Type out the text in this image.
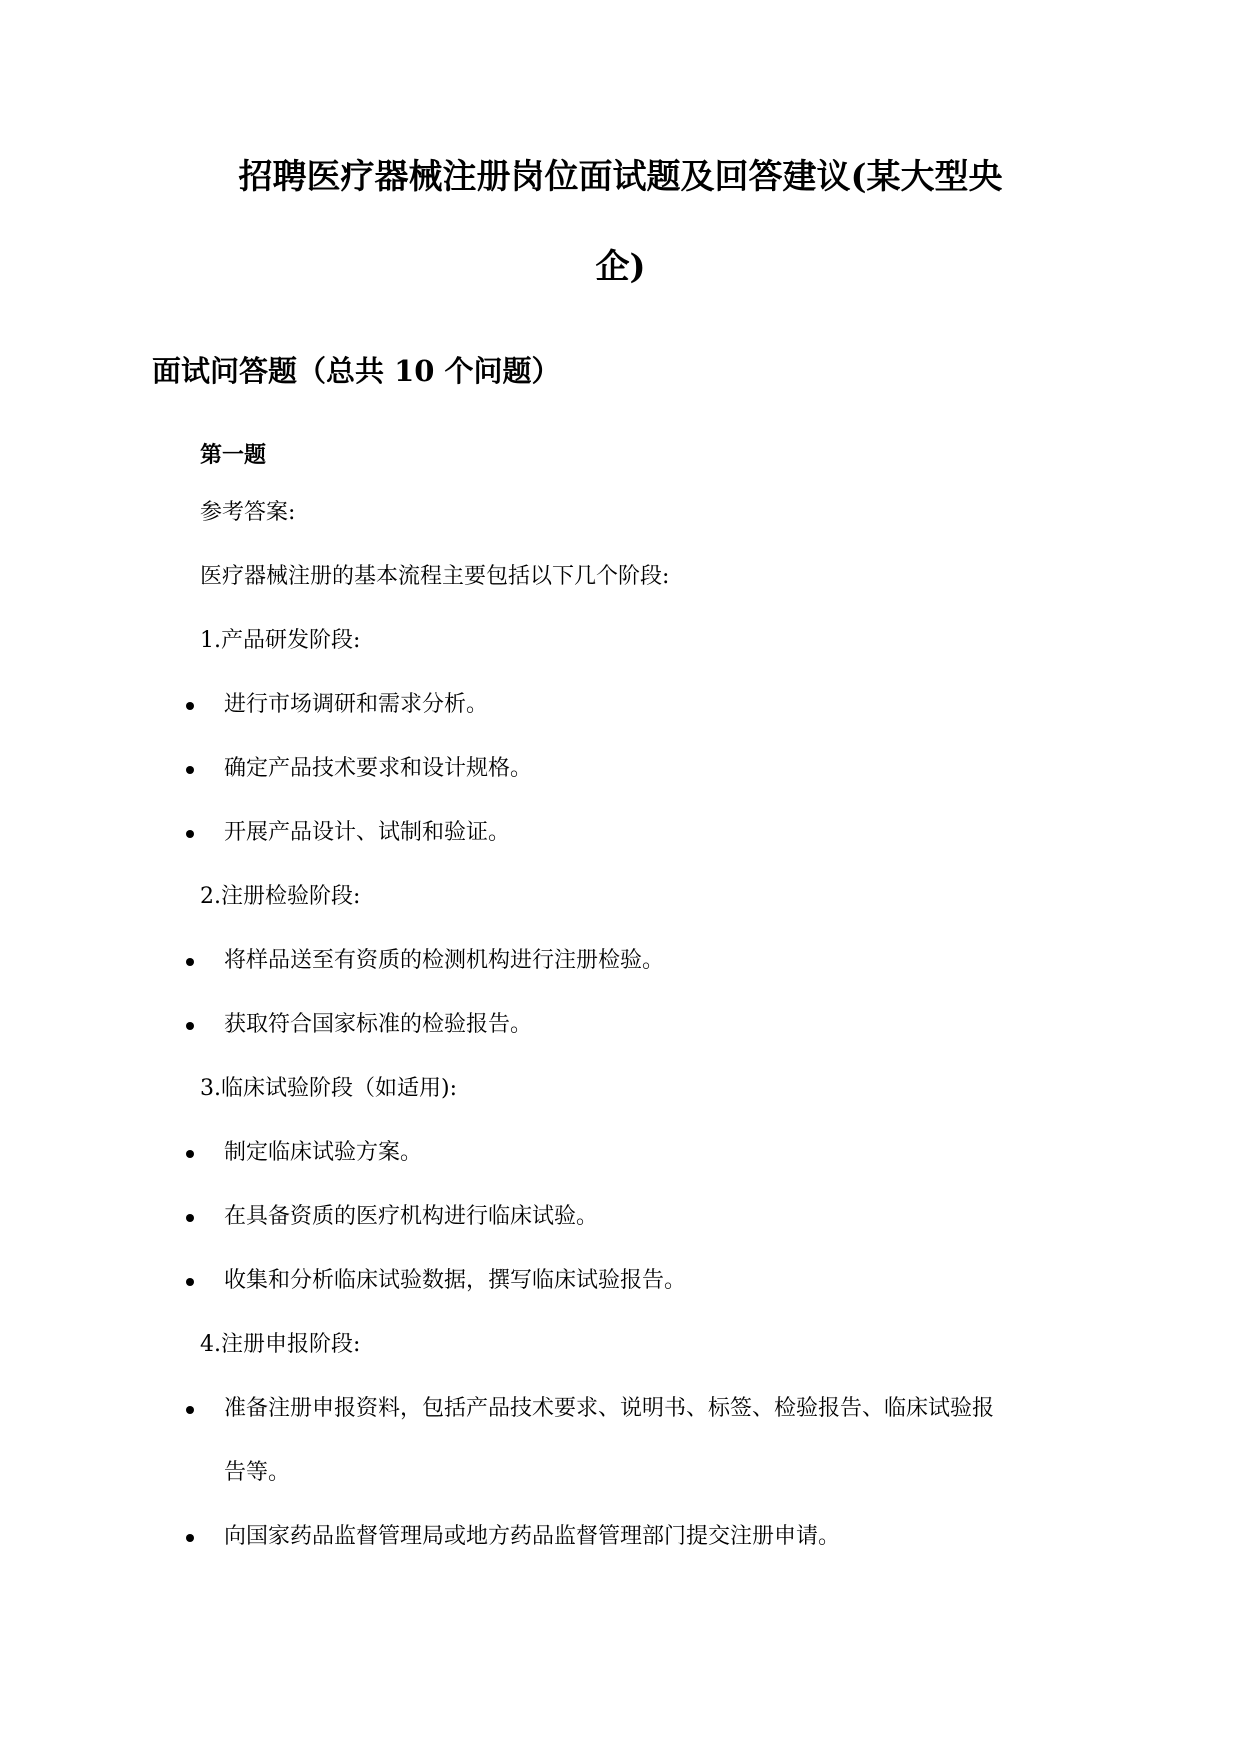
招聘医疗器械注册岗位面试题及回答建议(某大型央
企)
面试问答题（总共 10 个问题）
第一题

参考答案:

医疗器械注册的基本流程主要包括以下几个阶段:

1.产品研发阶段:

进行市场调研和需求分析。
确定产品技术要求和设计规格。
开展产品设计、试制和验证。

2.注册检验阶段:

将样品送至有资质的检测机构进行注册检验。
获取符合国家标准的检验报告。

3.临床试验阶段（如适用):

制定临床试验方案。
在具备资质的医疗机构进行临床试验。
收集和分析临床试验数据，撰写临床试验报告。

4.注册申报阶段:

准备注册申报资料，包括产品技术要求、说明书、标签、检验报告、临床试验报
告等。
向国家药品监督管理局或地方药品监督管理部门提交注册申请。
